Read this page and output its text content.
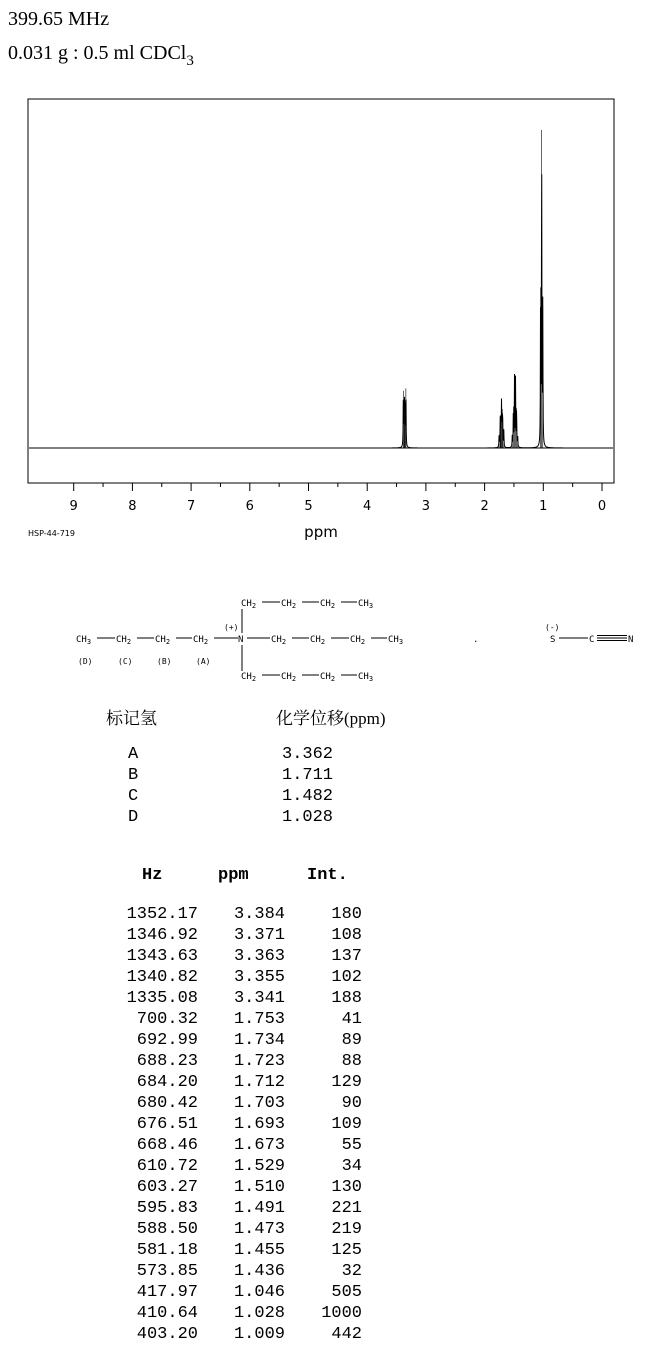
399.65 MHz
0.031 g : 0.5 ml CDCl$_3$
9	8	7	6	5	4	3	2	1	0
ppm
HSP-44-719
$CH_2$	$CH_2$	$CH_2$	$CH_3$
$CH_3$	$CH_2$	$CH_2$	$CH_2$
(+)
N	$CH_2$	$CH_2$	$CH_2$	$CH_3$
(D)	(C)	(B)	(A)
$CH_2$	$CH_2$	$CH_2$	$CH_3$
.
(-)
S	C	N
标记氢	化学位移(ppm)
A	3.362
B	1.711
C	1.482
D	1.028
Hz	ppm	Int.
1352.17	3.384	180
1346.92	3.371	108
1343.63	3.363	137
1340.82	3.355	102
1335.08	3.341	188
700.32	1.753	41
692.99	1.734	89
688.23	1.723	88
684.20	1.712	129
680.42	1.703	90
676.51	1.693	109
668.46	1.673	55
610.72	1.529	34
603.27	1.510	130
595.83	1.491	221
588.50	1.473	219
581.18	1.455	125
573.85	1.436	32
417.97	1.046	505
410.64	1.028	1000
403.20	1.009	442
